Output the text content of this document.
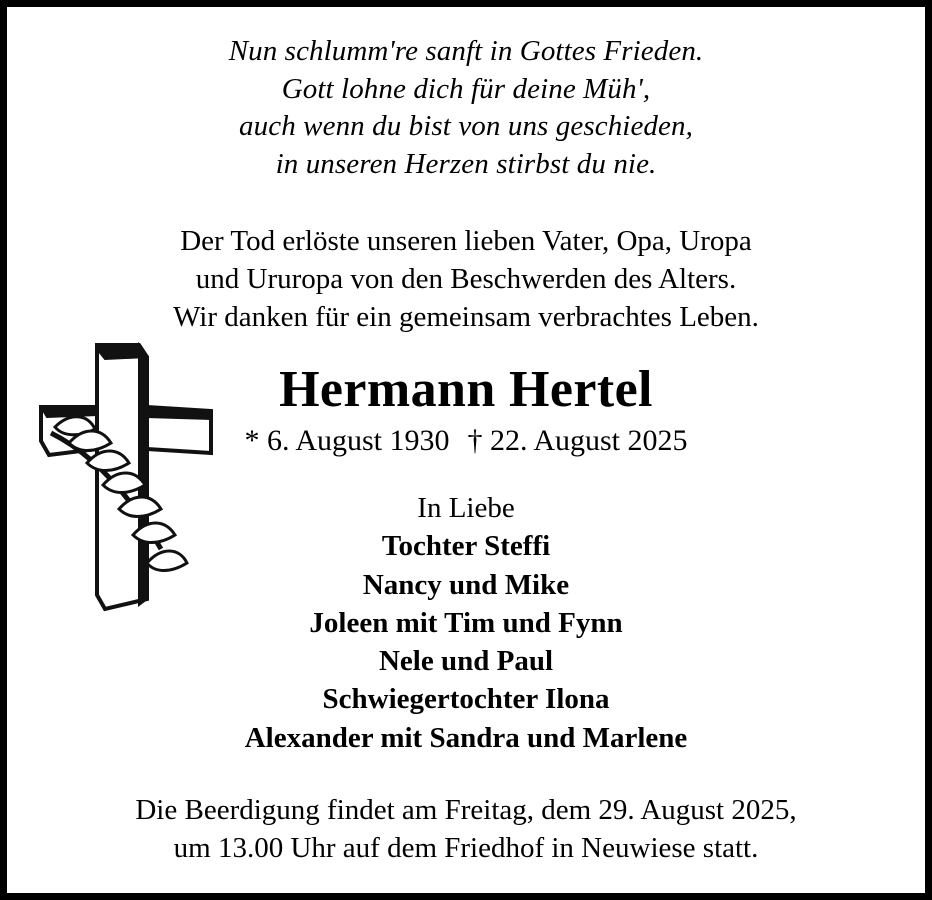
Nun schlumm're sanft in Gottes Frieden.
Gott lohne dich für deine Müh',
auch wenn du bist von uns geschieden,
in unseren Herzen stirbst du nie.
Der Tod erlöste unseren lieben Vater, Opa, Uropa
und Ururopa von den Beschwerden des Alters.
Wir danken für ein gemeinsam verbrachtes Leben.
Hermann Hertel
* 6. August 1930 † 22. August 2025
In Liebe
Tochter Steffi
Nancy und Mike
Joleen mit Tim und Fynn
Nele und Paul
Schwiegertochter Ilona
Alexander mit Sandra und Marlene
Die Beerdigung findet am Freitag, dem 29. August 2025,
um 13.00 Uhr auf dem Friedhof in Neuwiese statt.
